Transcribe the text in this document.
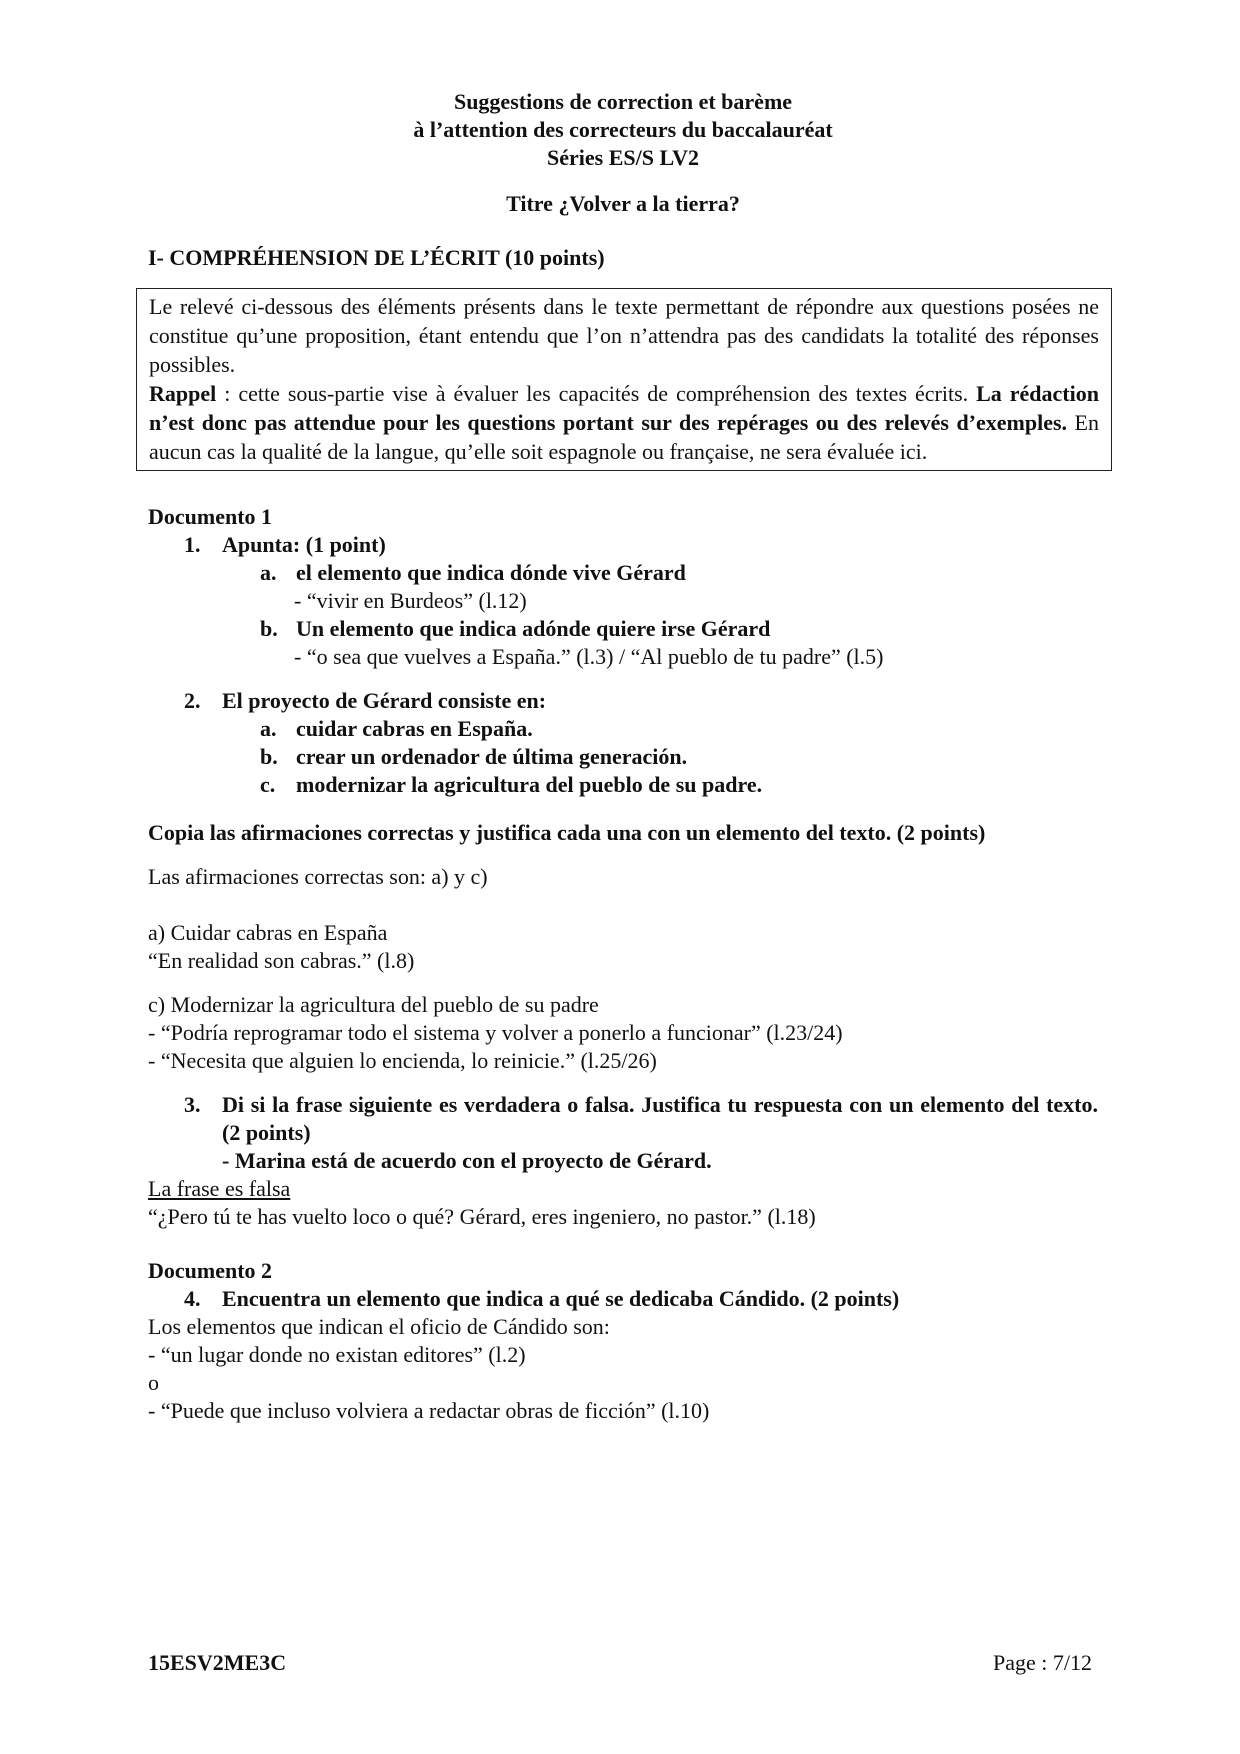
Suggestions de correction et barème
à l’attention des correcteurs du baccalauréat
Séries ES/S LV2
Titre ¿Volver a la tierra?
I- COMPRÉHENSION DE L’ÉCRIT (10 points)
Le relevé ci-dessous des éléments présents dans le texte permettant de répondre aux questions posées ne constitue qu’une proposition, étant entendu que l’on n’attendra pas des candidats la totalité des réponses possibles.
Rappel : cette sous-partie vise à évaluer les capacités de compréhension des textes écrits. La rédaction n’est donc pas attendue pour les questions portant sur des repérages ou des relevés d’exemples. En aucun cas la qualité de la langue, qu’elle soit espagnole ou française, ne sera évaluée ici.
Documento 1
1. Apunta: (1 point)
a. el elemento que indica dónde vive Gérard
- “vivir en Burdeos” (l.12)
b. Un elemento que indica adónde quiere irse Gérard
- “o sea que vuelves a España.” (l.3) / “Al pueblo de tu padre” (l.5)
2. El proyecto de Gérard consiste en:
a. cuidar cabras en España.
b. crear un ordenador de última generación.
c. modernizar la agricultura del pueblo de su padre.
Copia las afirmaciones correctas y justifica cada una con un elemento del texto. (2 points)
Las afirmaciones correctas son: a) y c)
a) Cuidar cabras en España
“En realidad son cabras.” (l.8)
c) Modernizar la agricultura del pueblo de su padre
- “Podría reprogramar todo el sistema y volver a ponerlo a funcionar” (l.23/24)
- “Necesita que alguien lo encienda, lo reinicie.” (l.25/26)
3. Di si la frase siguiente es verdadera o falsa. Justifica tu respuesta con un elemento del texto. (2 points)
- Marina está de acuerdo con el proyecto de Gérard.
La frase es falsa
“¿Pero tú te has vuelto loco o qué? Gérard, eres ingeniero, no pastor.” (l.18)
Documento 2
4. Encuentra un elemento que indica a qué se dedicaba Cándido. (2 points)
Los elementos que indican el oficio de Cándido son:
- “un lugar donde no existan editores” (l.2)
o
- “Puede que incluso volviera a redactar obras de ficción” (l.10)
15ESV2ME3C	Page : 7/12
